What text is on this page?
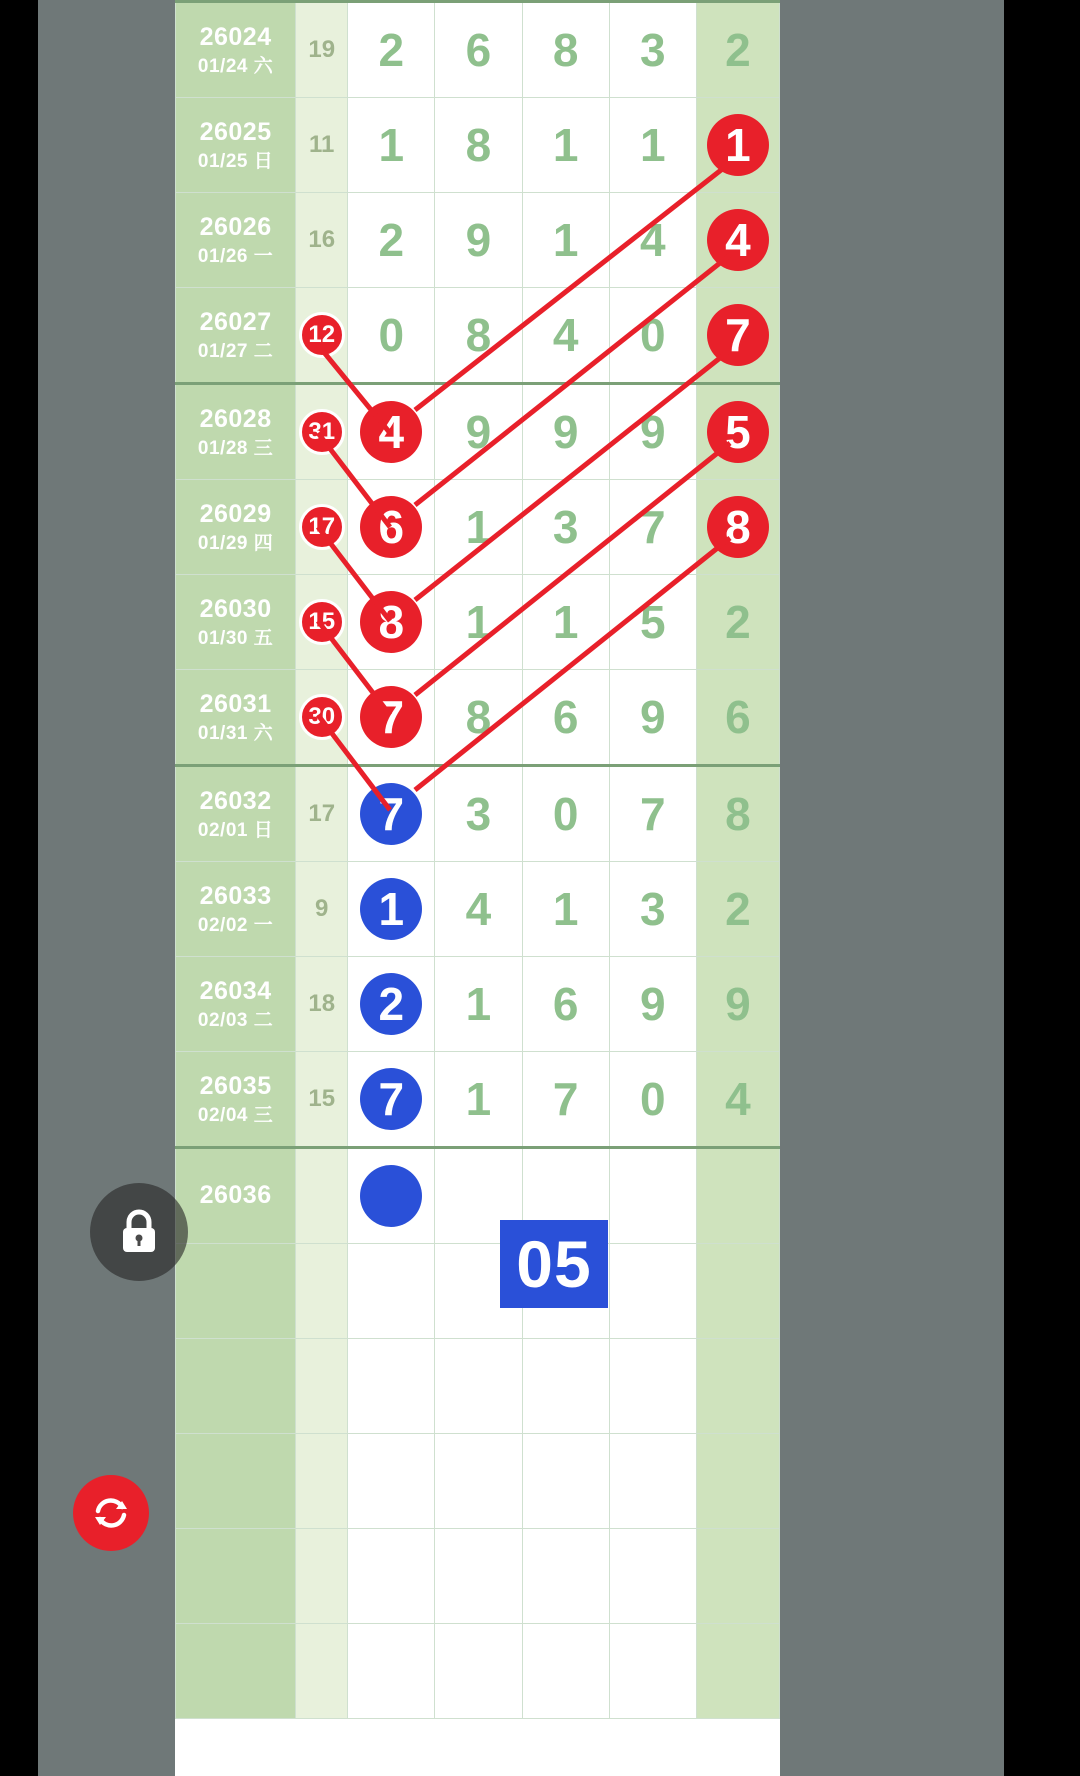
26024
01/24 六	19	2	6	8	3	2
26025
01/25 日	11	1	8	1	1	1

26026
01/26 一	16	2	9	1	4	4

26027
01/27 二	12	0	8	4	0	7

26028
01/28 三	31	4	9	9	9	5

26029
01/29 四	17	6	1	3	7	8

26030
01/30 五	15	8	1	1	5	2
26031
01/31 六	30	7	8	6	9	6
26032
02/01 日	17	7	3	0	7	8
26033
02/02 一	9	1	4	1	3	2
26034
02/03 二	18	2	1	6	9	9
26035
02/04 三	15	7	1	7	0	4
26036		

05
